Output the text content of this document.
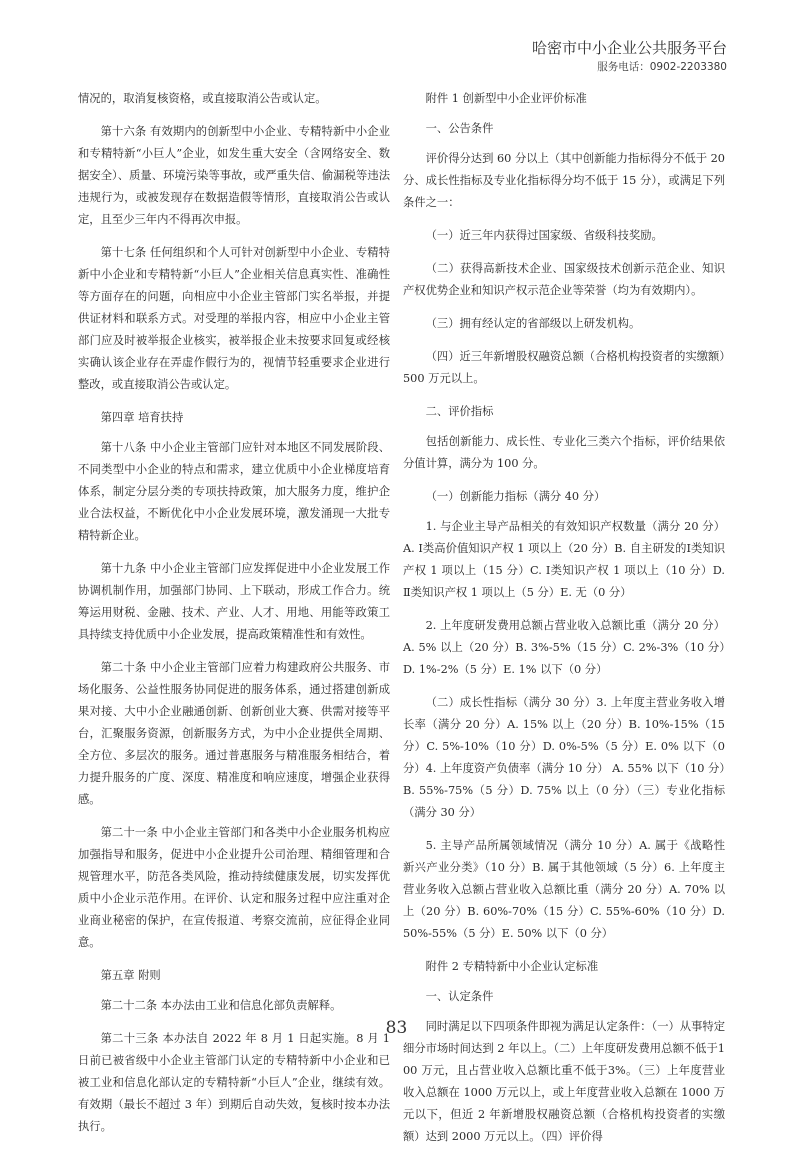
哈密市中小企业公共服务平台
服务电话：0902-2203380

情况的，取消复核资格，或直接取消公告或认定。

第十六条 有效期内的创新型中小企业、专精特新中小企业和专精特新“小巨人”企业，如发生重大安全（含网络安全、数据安全）、质量、环境污染等事故，或严重失信、偷漏税等违法违规行为，或被发现存在数据造假等情形，直接取消公告或认定，且至少三年内不得再次申报。

第十七条 任何组织和个人可针对创新型中小企业、专精特新中小企业和专精特新“小巨人”企业相关信息真实性、准确性等方面存在的问题，向相应中小企业主管部门实名举报，并提供证材料和联系方式。对受理的举报内容，相应中小企业主管部门应及时被举报企业核实，被举报企业未按要求回复或经核实确认该企业存在弄虚作假行为的，视情节轻重要求企业进行整改，或直接取消公告或认定。

第四章 培育扶持

第十八条 中小企业主管部门应针对本地区不同发展阶段、不同类型中小企业的特点和需求，建立优质中小企业梯度培育体系，制定分层分类的专项扶持政策，加大服务力度，维护企业合法权益，不断优化中小企业发展环境，激发涌现一大批专精特新企业。

第十九条 中小企业主管部门应发挥促进中小企业发展工作协调机制作用，加强部门协同、上下联动，形成工作合力。统筹运用财税、金融、技术、产业、人才、用地、用能等政策工具持续支持优质中小企业发展，提高政策精准性和有效性。

第二十条 中小企业主管部门应着力构建政府公共服务、市场化服务、公益性服务协同促进的服务体系，通过搭建创新成果对接、大中小企业融通创新、创新创业大赛、供需对接等平台，汇聚服务资源，创新服务方式，为中小企业提供全周期、全方位、多层次的服务。通过普惠服务与精准服务相结合，着力提升服务的广度、深度、精准度和响应速度，增强企业获得感。

第二十一条 中小企业主管部门和各类中小企业服务机构应加强指导和服务，促进中小企业提升公司治理、精细管理和合规管理水平，防范各类风险，推动持续健康发展，切实发挥优质中小企业示范作用。在评价、认定和服务过程中应注重对企业商业秘密的保护，在宣传报道、考察交流前，应征得企业同意。

第五章 附则

第二十二条 本办法由工业和信息化部负责解释。

第二十三条 本办法自 2022 年 8 月 1 日起实施。8 月 1 日前已被省级中小企业主管部门认定的专精特新中小企业和已被工业和信息化部认定的专精特新“小巨人”企业，继续有效。有效期（最长不超过 3 年）到期后自动失效，复核时按本办法执行。

附件 1 创新型中小企业评价标准

一、公告条件

评价得分达到 60 分以上（其中创新能力指标得分不低于 20 分、成长性指标及专业化指标得分均不低于 15 分），或满足下列条件之一：

（一）近三年内获得过国家级、省级科技奖励。

（二）获得高新技术企业、国家级技术创新示范企业、知识产权优势企业和知识产权示范企业等荣誉（均为有效期内）。

（三）拥有经认定的省部级以上研发机构。

（四）近三年新增股权融资总额（合格机构投资者的实缴额）500 万元以上。

二、评价指标

包括创新能力、成长性、专业化三类六个指标，评价结果依分值计算，满分为 100 分。

（一）创新能力指标（满分 40 分）

1. 与企业主导产品相关的有效知识产权数量（满分 20 分）A. Ⅰ类高价值知识产权 1 项以上（20 分）B. 自主研发的Ⅰ类知识产权 1 项以上（15 分）C. Ⅰ类知识产权 1 项以上（10 分）D. Ⅱ类知识产权 1 项以上（5 分）E. 无（0 分）

2. 上年度研发费用总额占营业收入总额比重（满分 20 分）A. 5% 以上（20 分）B. 3%-5%（15 分）C. 2%-3%（10 分）D. 1%-2%（5 分）E. 1% 以下（0 分）

（二）成长性指标（满分 30 分）3. 上年度主营业务收入增长率（满分 20 分）A. 15% 以上（20 分）B. 10%-15%（15 分）C. 5%-10%（10 分）D. 0%-5%（5 分）E. 0% 以下（0 分）4. 上年度资产负债率（满分 10 分） A. 55% 以下（10 分）B. 55%-75%（5 分）D. 75% 以上（0 分）（三）专业化指标（满分 30 分）

5. 主导产品所属领域情况（满分 10 分）A. 属于《战略性新兴产业分类》（10 分）B. 属于其他领域（5 分）6. 上年度主营业务收入总额占营业收入总额比重（满分 20 分）A. 70% 以上（20 分）B. 60%-70%（15 分）C. 55%-60%（10 分）D. 50%-55%（5 分）E. 50% 以下（0 分）

附件 2 专精特新中小企业认定标准

一、认定条件

同时满足以下四项条件即视为满足认定条件：（一）从事特定细分市场时间达到 2 年以上。（二）上年度研发费用总额不低于100 万元，且占营业收入总额比重不低于3%。（三）上年度营业收入总额在 1000 万元以上，或上年度营业收入总额在 1000 万元以下，但近 2 年新增股权融资总额（合格机构投资者的实缴额）达到 2000 万元以上。（四）评价得

83
